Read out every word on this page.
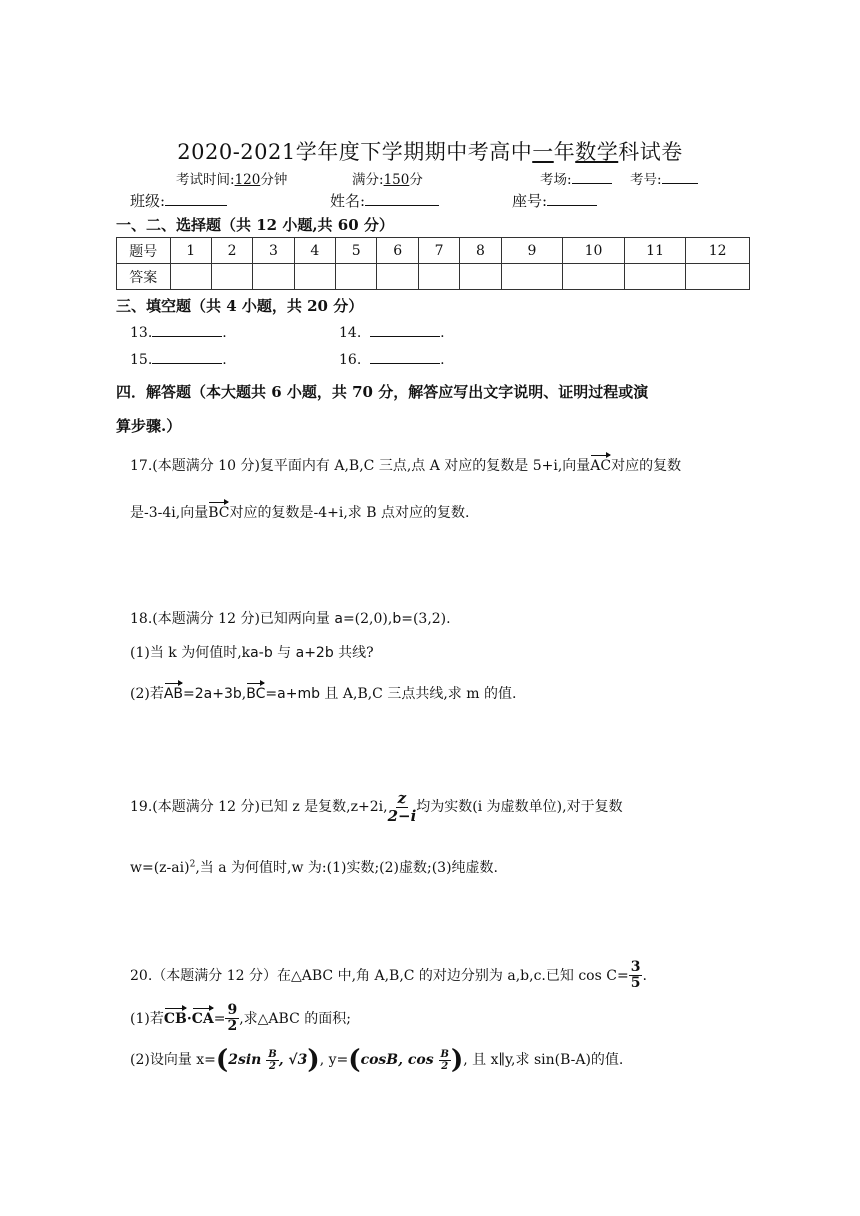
2020-2021学年度下学期期中考高中一年数学科试卷
考试时间:120分钟	满分:150分	考场:	考号:
班级:	姓名:	座号:
一、二、选择题（共 12 小题,共 60 分）
题号	1	2	3	4	5	6	7	8	9	10	11	12
答案												
三、填空题（共 4 小题，共 20 分）
13.	.	14.	.
15.	.	16.	.
四．解答题（本大题共 6 小题，共 70 分，解答应写出文字说明、证明过程或演
算步骤.）
17.(本题满分 10 分)复平面内有 A,B,C 三点,点 A 对应的复数是 5+i,向量AC对应的复数
是-3-4i,向量BC对应的复数是-4+i,求 B 点对应的复数.
18.(本题满分 12 分)已知两向量 a=(2,0),b=(3,2).
(1)当 k 为何值时,ka-b 与 a+2b 共线?
(2)若AB=2a+3b,BC=a+mb 且 A,B,C 三点共线,求 m 的值.
19.(本题满分 12 分)已知 z 是复数,z+2i, $\frac{z}{2-i}$ 均为实数(i 为虚数单位),对于复数
$w=(z-ai)^2$,当 a 为何值时,w 为:(1)实数;(2)虚数;(3)纯虚数.
20.（本题满分 12 分）在△ABC 中,角 A,B,C 的对边分别为 a,b,c.已知 $\cos C= \frac{3}{5}$ .
(1)若$CB\cdot CA= \frac{9}{2}$ ,求△ABC 的面积;
(2)设向量 $x=(2\sin \frac{B}{2}$ , √3), y=(cosB, $\cos \frac{B}{2}$ ), 且 x∥y,求 sin(B-A)的值.
